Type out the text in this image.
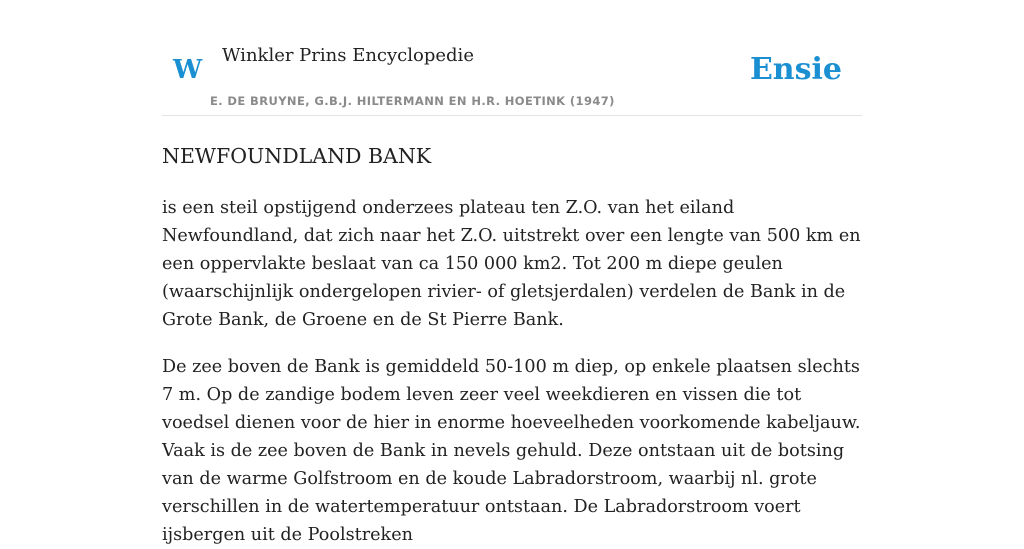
W Winkler Prins Encyclopedie	Ensie
E. DE BRUYNE, G.B.J. HILTERMANN EN H.R. HOETINK (1947)
NEWFOUNDLAND BANK

is een steil opstijgend onderzees plateau ten Z.O. van het eiland Newfoundland, dat zich naar het Z.O. uitstrekt over een lengte van 500 km en een oppervlakte beslaat van ca 150 000 km2. Tot 200 m diepe geulen (waarschijnlijk ondergelopen rivier- of gletsjerdalen) verdelen de Bank in de Grote Bank, de Groene en de St Pierre Bank.

De zee boven de Bank is gemiddeld 50-100 m diep, op enkele plaatsen slechts 7 m. Op de zandige bodem leven zeer veel weekdieren en vissen die tot voedsel dienen voor de hier in enorme hoeveelheden voorkomende kabeljauw. Vaak is de zee boven de Bank in nevels gehuld. Deze ontstaan uit de botsing van de warme Golfstroom en de koude Labradorstroom, waarbij nl. grote verschillen in de watertemperatuur ontstaan. De Labradorstroom voert ijsbergen uit de Poolstreken
